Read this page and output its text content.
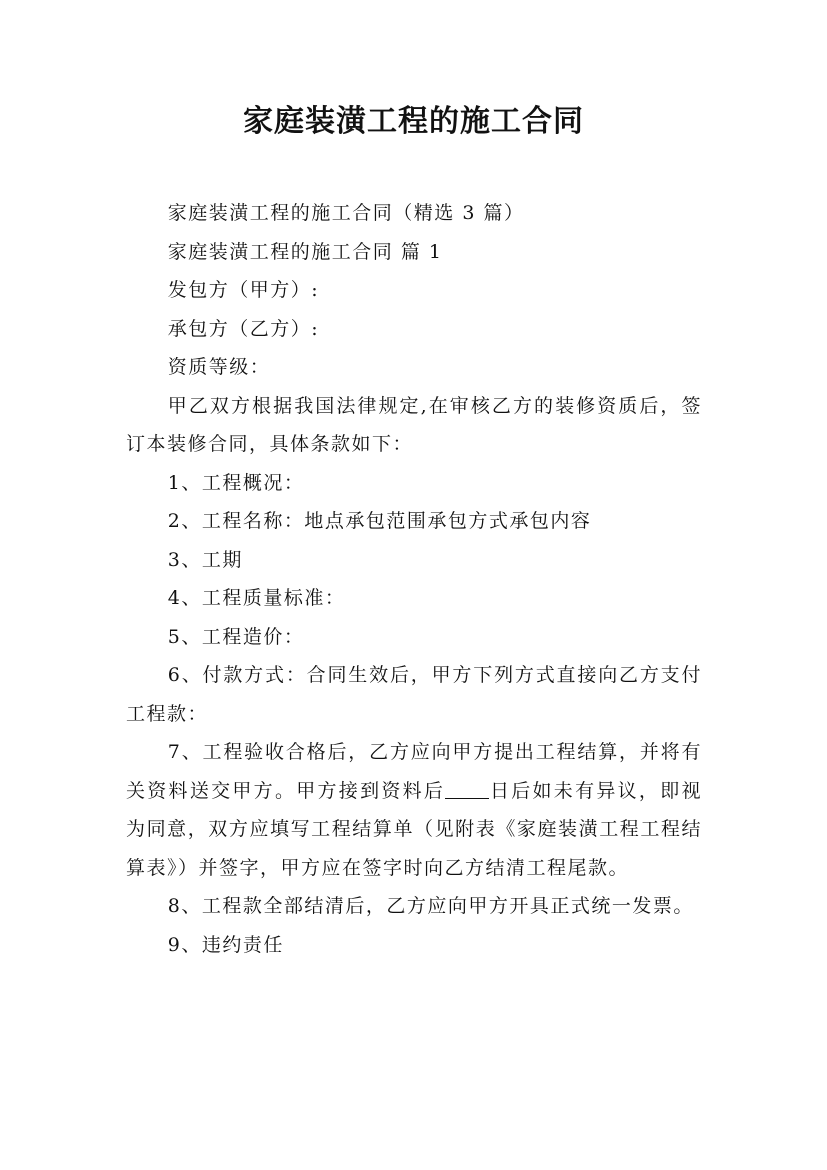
家庭装潢工程的施工合同

家庭装潢工程的施工合同（精选 3 篇）

家庭装潢工程的施工合同 篇 1

发包方（甲方）:

承包方（乙方）:

资质等级：

甲乙双方根据我国法律规定,在审核乙方的装修资质后，签订本装修合同，具体条款如下：

1、工程概况：

2、工程名称：地点承包范围承包方式承包内容

3、工期

4、工程质量标准：

5、工程造价：

6、付款方式：合同生效后，甲方下列方式直接向乙方支付工程款：

7、工程验收合格后，乙方应向甲方提出工程结算，并将有关资料送交甲方。甲方接到资料后 日后如未有异议，即视为同意，双方应填写工程结算单（见附表《家庭装潢工程工程结算表》）并签字，甲方应在签字时向乙方结清工程尾款。

8、工程款全部结清后，乙方应向甲方开具正式统一发票。

9、违约责任
